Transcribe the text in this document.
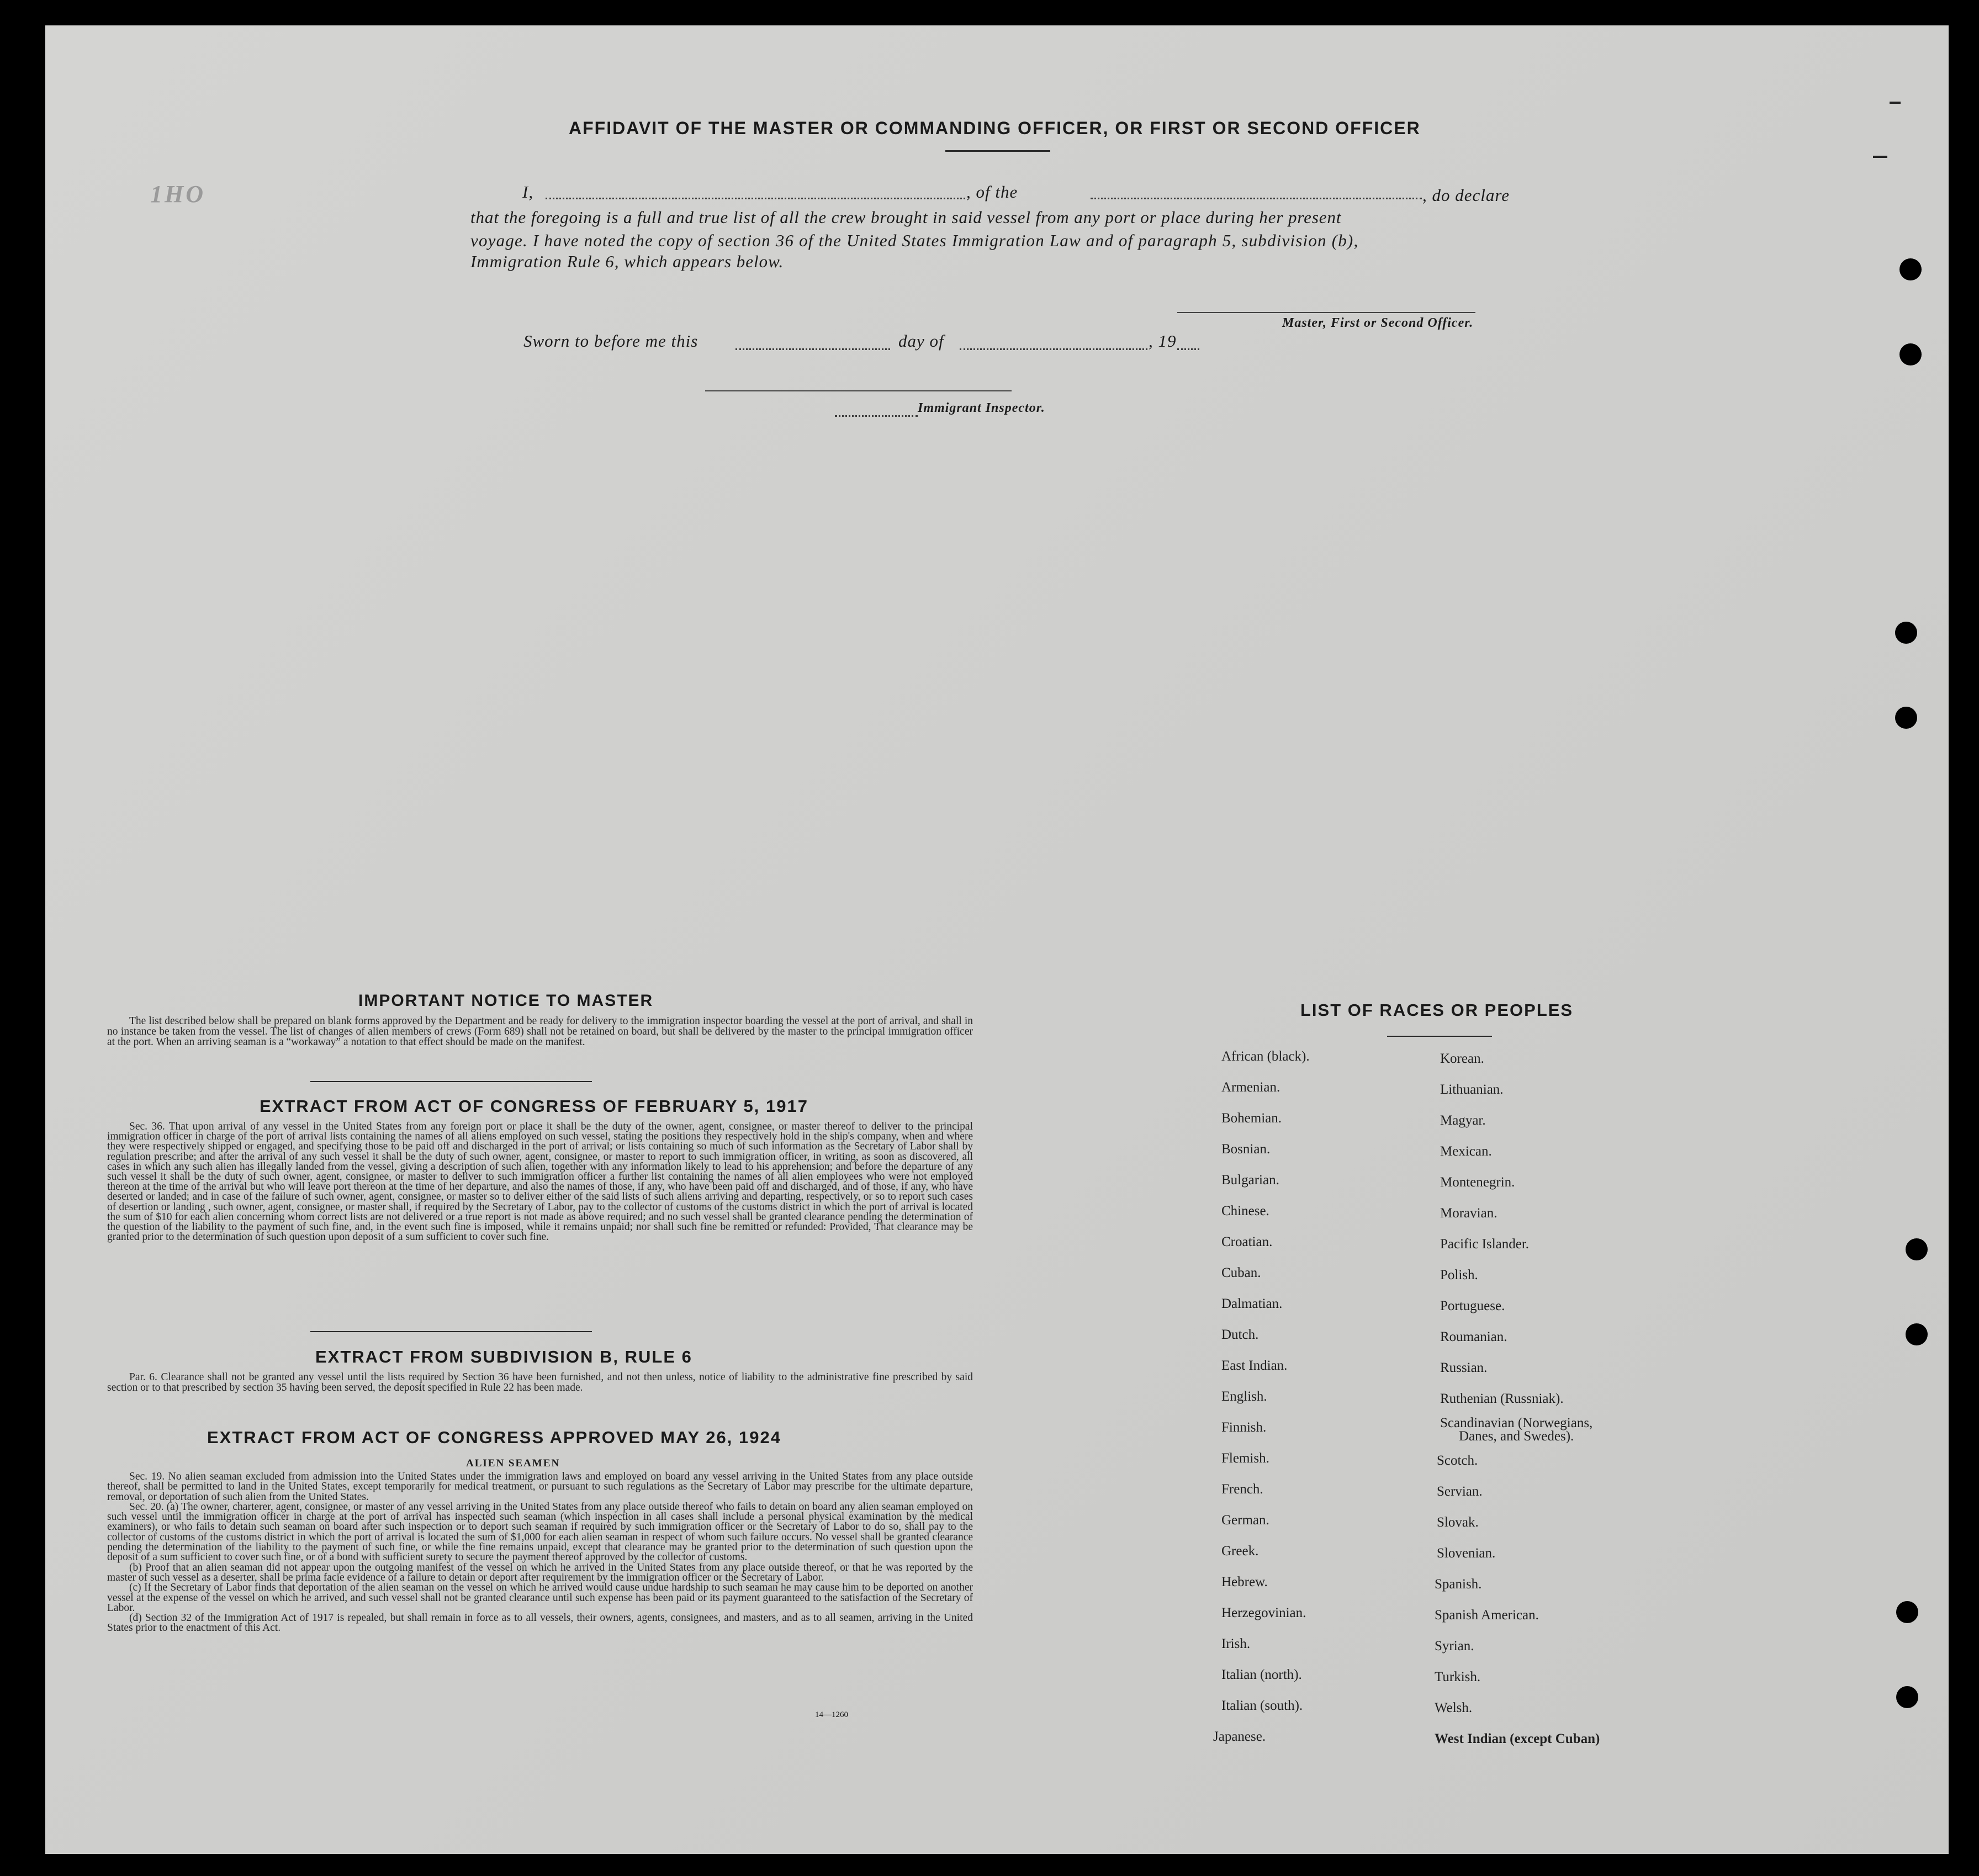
AFFIDAVIT OF THE MASTER OR COMMANDING OFFICER, OR FIRST OR SECOND OFFICER
1HO	I,	, of the	, do declare
that the foregoing is a full and true list of all the crew brought in said vessel from any port or place during her present
voyage. I have noted the copy of section 36 of the United States Immigration Law and of paragraph 5, subdivision (b),
Immigration Rule 6, which appears below.
Master, First or Second Officer.
Sworn to before me this	day of	, 19
Immigrant Inspector.
IMPORTANT NOTICE TO MASTER

The list described below shall be prepared on blank forms approved by the Department and be ready for delivery to the immigration inspector boarding the vessel at the port of arrival, and shall in no instance be taken from the vessel. The list of changes of alien members of crews (Form 689) shall not be retained on board, but shall be delivered by the master to the principal immigration officer at the port. When an arriving seaman is a “workaway” a notation to that effect should be made on the manifest.

EXTRACT FROM ACT OF CONGRESS OF FEBRUARY 5, 1917

Sec. 36. That upon arrival of any vessel in the United States from any foreign port or place it shall be the duty of the owner, agent, consignee, or master thereof to deliver to the principal immigration officer in charge of the port of arrival lists containing the names of all aliens employed on such vessel, stating the positions they respectively hold in the ship's company, when and where they were respectively shipped or engaged, and specifying those to be paid off and discharged in the port of arrival; or lists containing so much of such information as the Secretary of Labor shall by regulation prescribe; and after the arrival of any such vessel it shall be the duty of such owner, agent, consignee, or master to report to such immigration officer, in writing, as soon as discovered, all cases in which any such alien has illegally landed from the vessel, giving a description of such alien, together with any information likely to lead to his apprehension; and before the departure of any such vessel it shall be the duty of such owner, agent, consignee, or master to deliver to such immigration officer a further list containing the names of all alien employees who were not employed thereon at the time of the arrival but who will leave port thereon at the time of her departure, and also the names of those, if any, who have been paid off and discharged, and of those, if any, who have deserted or landed; and in case of the failure of such owner, agent, consignee, or master so to deliver either of the said lists of such aliens arriving and departing, respectively, or so to report such cases of desertion or landing , such owner, agent, consignee, or master shall, if required by the Secretary of Labor, pay to the collector of customs of the customs district in which the port of arrival is located the sum of $10 for each alien concerning whom correct lists are not delivered or a true report is not made as above required; and no such vessel shall be granted clearance pending the determination of the question of the liability to the payment of such fine, and, in the event such fine is imposed, while it remains unpaid; nor shall such fine be remitted or refunded: Provided, That clearance may be granted prior to the determination of such question upon deposit of a sum sufficient to cover such fine.

EXTRACT FROM SUBDIVISION B, RULE 6

Par. 6. Clearance shall not be granted any vessel until the lists required by Section 36 have been furnished, and not then unless, notice of liability to the administrative fine prescribed by said section or to that prescribed by section 35 having been served, the deposit specified in Rule 22 has been made.

EXTRACT FROM ACT OF CONGRESS APPROVED MAY 26, 1924
ALIEN SEAMEN

Sec. 19. No alien seaman excluded from admission into the United States under the immigration laws and employed on board any vessel arriving in the United States from any place outside thereof, shall be permitted to land in the United States, except temporarily for medical treatment, or pursuant to such regulations as the Secretary of Labor may prescribe for the ultimate departure, removal, or deportation of such alien from the United States.

Sec. 20. (a) The owner, charterer, agent, consignee, or master of any vessel arriving in the United States from any place outside thereof who fails to detain on board any alien seaman employed on such vessel until the immigration officer in charge at the port of arrival has inspected such seaman (which inspection in all cases shall include a personal physical examination by the medical examiners), or who fails to detain such seaman on board after such inspection or to deport such seaman if required by such immigration officer or the Secretary of Labor to do so, shall pay to the collector of customs of the customs district in which the port of arrival is located the sum of $1,000 for each alien seaman in respect of whom such failure occurs. No vessel shall be granted clearance pending the determination of the liability to the payment of such fine, or while the fine remains unpaid, except that clearance may be granted prior to the determination of such question upon the deposit of a sum sufficient to cover such fine, or of a bond with sufficient surety to secure the payment thereof approved by the collector of customs.

(b) Proof that an alien seaman did not appear upon the outgoing manifest of the vessel on which he arrived in the United States from any place outside thereof, or that he was reported by the master of such vessel as a deserter, shall be prima facie evidence of a failure to detain or deport after requirement by the immigration officer or the Secretary of Labor.

(c) If the Secretary of Labor finds that deportation of the alien seaman on the vessel on which he arrived would cause undue hardship to such seaman he may cause him to be deported on another vessel at the expense of the vessel on which he arrived, and such vessel shall not be granted clearance until such expense has been paid or its payment guaranteed to the satisfaction of the Secretary of Labor.

(d) Section 32 of the Immigration Act of 1917 is repealed, but shall remain in force as to all vessels, their owners, agents, consignees, and masters, and as to all seamen, arriving in the United States prior to the enactment of this Act.

14—1260
LIST OF RACES OR PEOPLES
African (black).
Armenian.
Bohemian.
Bosnian.
Bulgarian.
Chinese.
Croatian.
Cuban.
Dalmatian.
Dutch.
East Indian.
English.
Finnish.
Flemish.
French.
German.
Greek.
Hebrew.
Herzegovinian.
Irish.
Italian (north).
Italian (south).
Japanese.
Korean.
Lithuanian.
Magyar.
Mexican.
Montenegrin.
Moravian.
Pacific Islander.
Polish.
Portuguese.
Roumanian.
Russian.
Ruthenian (Russniak).
Scandinavian (Norwegians,
Danes, and Swedes).
Scotch.
Servian.
Slovak.
Slovenian.
Spanish.
Spanish American.
Syrian.
Turkish.
Welsh.
West Indian (except Cuban)
